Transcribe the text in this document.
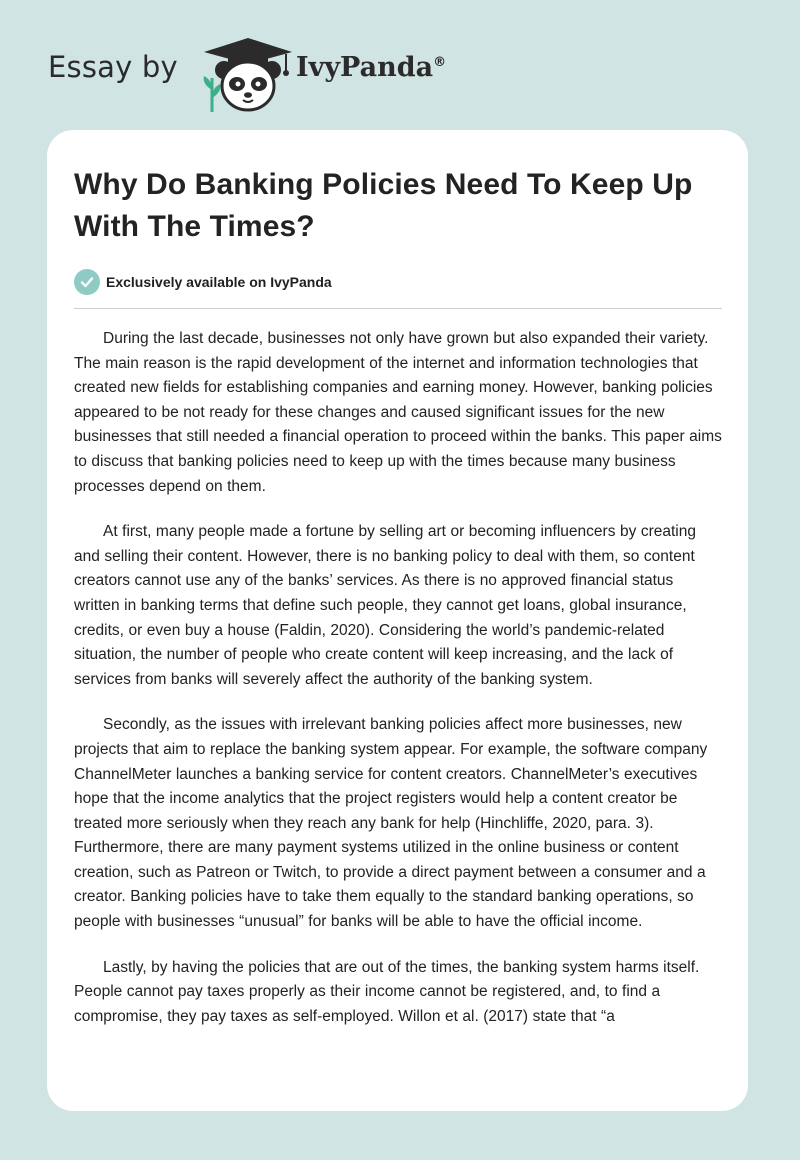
Essay by	IvyPanda®
Why Do Banking Policies Need To Keep Up With The Times?
Exclusively available on IvyPanda

During the last decade, businesses not only have grown but also expanded their variety. The main reason is the rapid development of the internet and information technologies that created new fields for establishing companies and earning money. However, banking policies appeared to be not ready for these changes and caused significant issues for the new businesses that still needed a financial operation to proceed within the banks. This paper aims to discuss that banking policies need to keep up with the times because many business processes depend on them.

At first, many people made a fortune by selling art or becoming influencers by creating and selling their content. However, there is no banking policy to deal with them, so content creators cannot use any of the banks’ services. As there is no approved financial status written in banking terms that define such people, they cannot get loans, global insurance, credits, or even buy a house (Faldin, 2020). Considering the world’s pandemic-related situation, the number of people who create content will keep increasing, and the lack of services from banks will severely affect the authority of the banking system.

Secondly, as the issues with irrelevant banking policies affect more businesses, new projects that aim to replace the banking system appear. For example, the software company ChannelMeter launches a banking service for content creators. ChannelMeter’s executives hope that the income analytics that the project registers would help a content creator be treated more seriously when they reach any bank for help (Hinchliffe, 2020, para. 3). Furthermore, there are many payment systems utilized in the online business or content creation, such as Patreon or Twitch, to provide a direct payment between a consumer and a creator. Banking policies have to take them equally to the standard banking operations, so people with businesses “unusual” for banks will be able to have the official income.

Lastly, by having the policies that are out of the times, the banking system harms itself. People cannot pay taxes properly as their income cannot be registered, and, to find a compromise, they pay taxes as self-employed. Willon et al. (2017) state that “a
